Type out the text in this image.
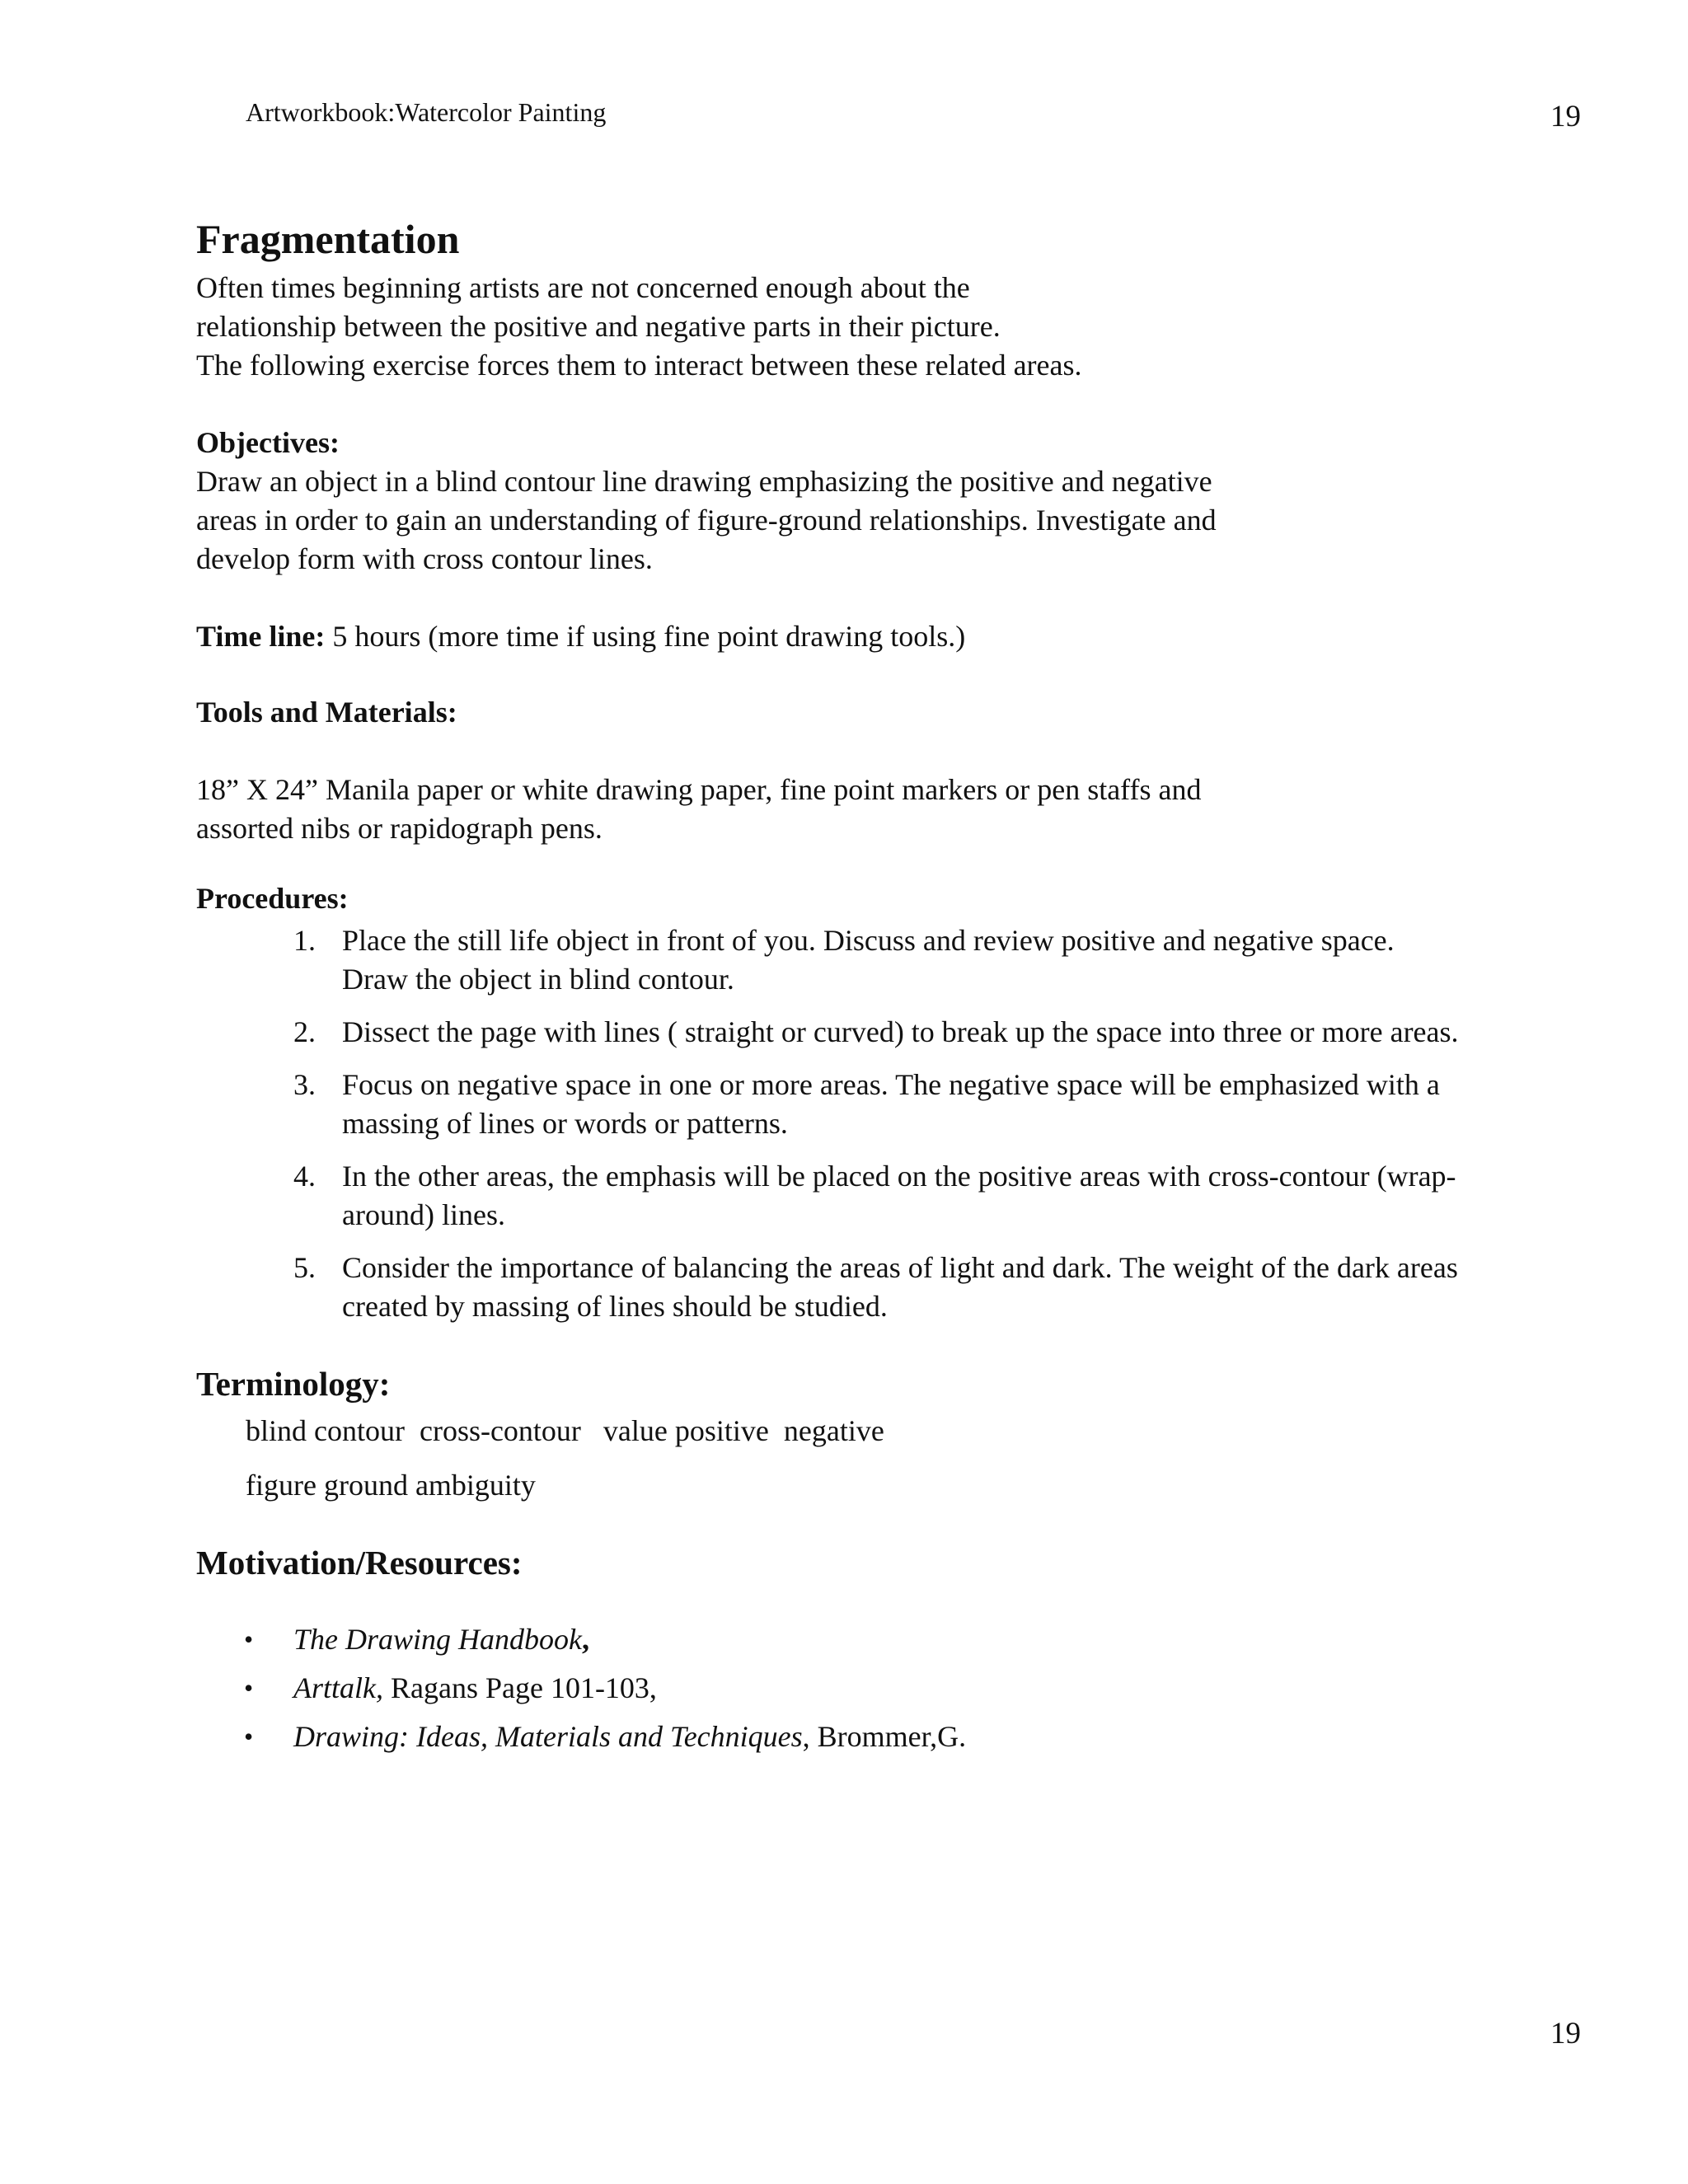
Artworkbook:Watercolor Painting	19
Fragmentation

Often times beginning artists are not concerned enough about the

relationship between the positive and negative parts in their picture.

The following exercise forces them to interact between these related areas.

Objectives:

Draw an object in a blind contour line drawing emphasizing the positive and negative

areas in order to gain an understanding of figure-ground relationships. Investigate and

develop form with cross contour lines.

Time line: 5 hours (more time if using fine point drawing tools.)

Tools and Materials:

18” X 24” Manila paper or white drawing paper, fine point markers or pen staffs and

assorted nibs or rapidograph pens.

Procedures:
1. Place the still life object in front of you. Discuss and review positive and negative space.
Draw the object in blind contour.
2. Dissect the page with lines ( straight or curved) to break up the space into three or more areas.
3. Focus on negative space in one or more areas. The negative space will be emphasized with a
massing of lines or words or patterns.
4. In the other areas, the emphasis will be placed on the positive areas with cross-contour (wrap-
around) lines.
5. Consider the importance of balancing the areas of light and dark. The weight of the dark areas
created by massing of lines should be studied.
Terminology:

blind contour  cross-contour   value positive  negative

figure ground ambiguity

Motivation/Resources:
• The Drawing Handbook,
• Arttalk, Ragans Page 101-103,
• Drawing: Ideas, Materials and Techniques, Brommer,G.
19
